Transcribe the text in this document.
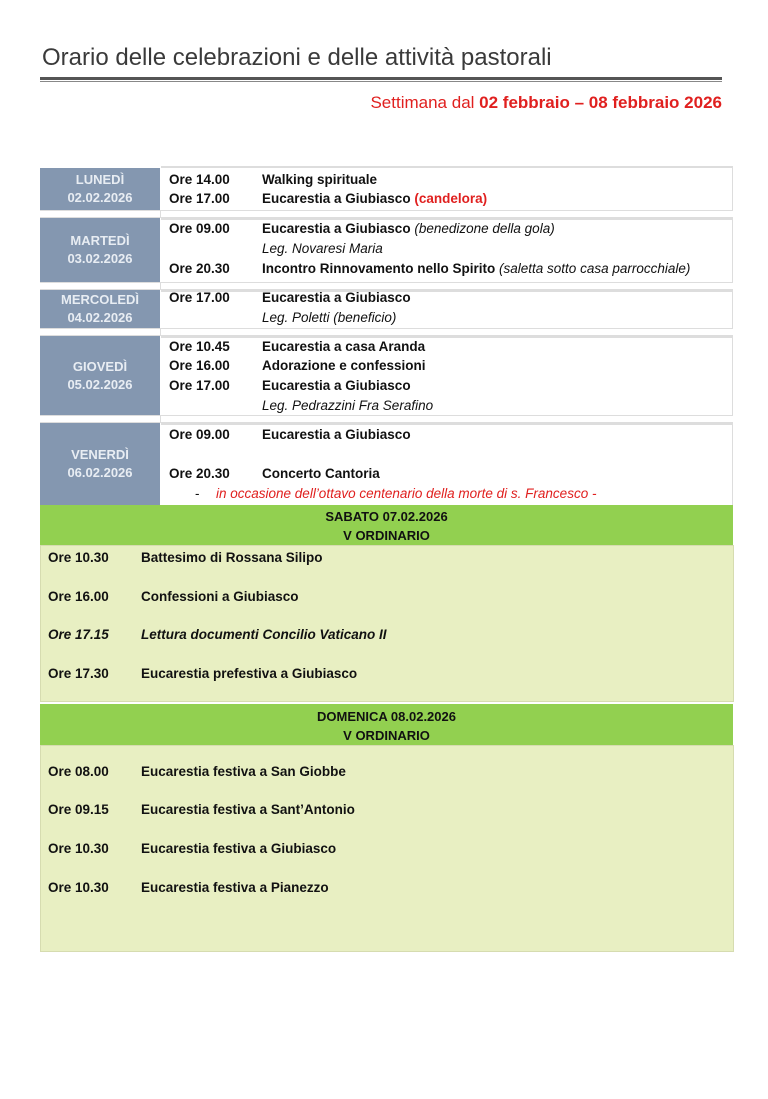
Orario delle celebrazioni e delle attività pastorali
Settimana dal 02 febbraio – 08 febbraio 2026
LUNEDÌ
02.02.2026
Ore 14.00 Walking spirituale
Ore 17.00 Eucarestia a Giubiasco (candelora)
MARTEDÌ
03.02.2026
Ore 09.00 Eucarestia a Giubiasco (benedizone della gola)
Leg. Novaresi Maria
Ore 20.30 Incontro Rinnovamento nello Spirito (saletta sotto casa parrocchiale)
MERCOLEDÌ
04.02.2026
Ore 17.00 Eucarestia a Giubiasco
Leg. Poletti (beneficio)
GIOVEDÌ
05.02.2026
Ore 10.45 Eucarestia a casa Aranda
Ore 16.00 Adorazione e confessioni
Ore 17.00 Eucarestia a Giubiasco
Leg. Pedrazzini Fra Serafino
VENERDÌ
06.02.2026
Ore 09.00 Eucarestia a Giubiasco
Ore 20.30 Concerto Cantoria
- in occasione dell’ottavo centenario della morte di s. Francesco -
SABATO 07.02.2026
V ORDINARIO
Ore 10.30 Battesimo di Rossana Silipo
Ore 16.00 Confessioni a Giubiasco
Ore 17.15 Lettura documenti Concilio Vaticano II
Ore 17.30 Eucarestia prefestiva a Giubiasco
DOMENICA 08.02.2026
V ORDINARIO
Ore 08.00 Eucarestia festiva a San Giobbe
Ore 09.15 Eucarestia festiva a Sant’Antonio
Ore 10.30 Eucarestia festiva a Giubiasco
Ore 10.30 Eucarestia festiva a Pianezzo
